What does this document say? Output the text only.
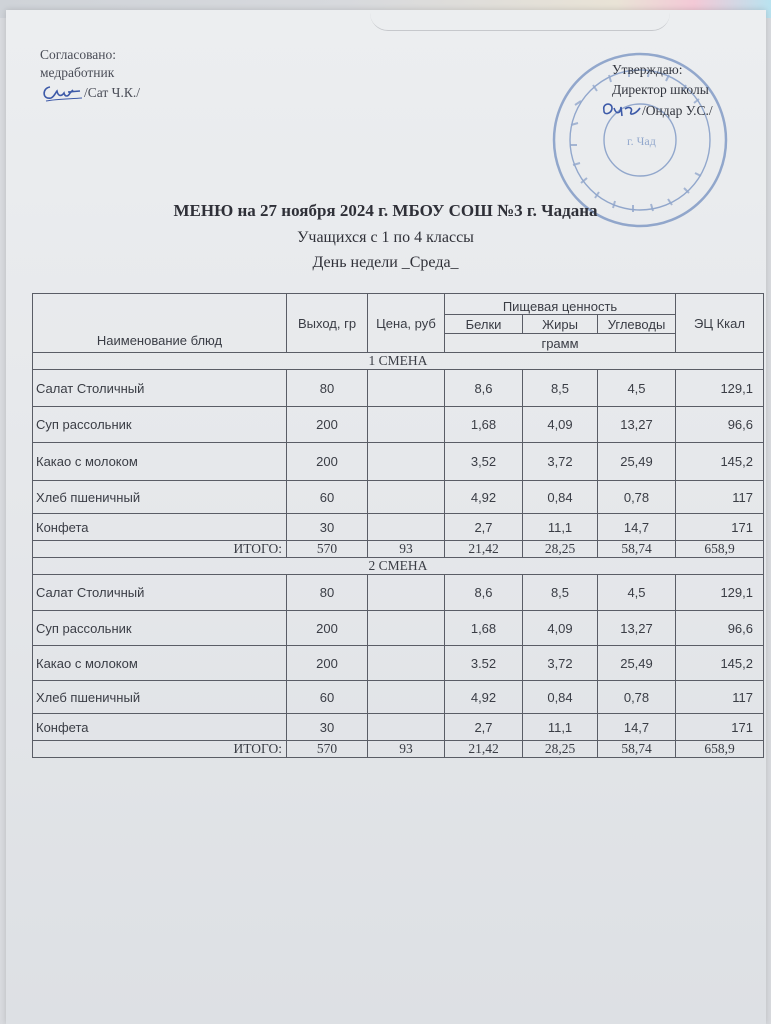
Согласовано:
медработник
/Сат Ч.К./
г. Чад
Утверждаю:
Директор школы
/Ондар У.С./
МЕНЮ на 27 ноября 2024 г. МБОУ СОШ №3 г. Чадана
Учащихся с 1 по 4 классы
День недели _Среда_
Наименование блюд	Выход, гр	Цена, руб	Пищевая ценность			ЭЦ Ккал
			Белки	Жиры	Углеводы	
			грамм			
1 СМЕНА						
Салат Столичный	80		8,6	8,5	4,5	129,1
Суп рассольник	200		1,68	4,09	13,27	96,6
Какао с молоком	200		3,52	3,72	25,49	145,2
Хлеб пшеничный	60		4,92	0,84	0,78	117
Конфета	30		2,7	11,1	14,7	171
ИТОГО:	570	93	21,42	28,25	58,74	658,9
2 СМЕНА						
Салат Столичный	80		8,6	8,5	4,5	129,1
Суп рассольник	200		1,68	4,09	13,27	96,6
Какао с молоком	200		3.52	3,72	25,49	145,2
Хлеб пшеничный	60		4,92	0,84	0,78	117
Конфета	30		2,7	11,1	14,7	171
ИТОГО:	570	93	21,42	28,25	58,74	658,9
